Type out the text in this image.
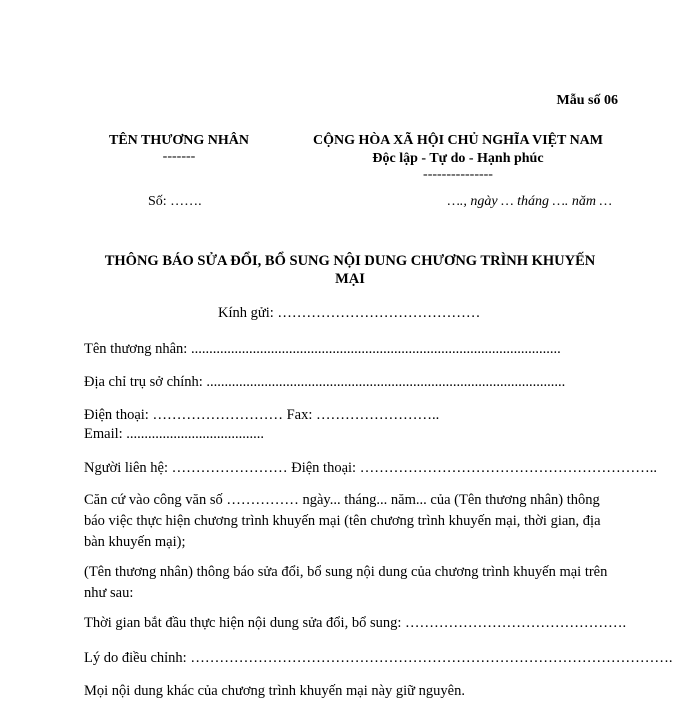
Mẫu số 06
TÊN THƯƠNG NHÂN
-------
CỘNG HÒA XÃ HỘI CHỦ NGHĨA VIỆT NAM
Độc lập - Tự do - Hạnh phúc
---------------
Số: …….	…., ngày … tháng …. năm …
THÔNG BÁO SỬA ĐỔI, BỔ SUNG NỘI DUNG CHƯƠNG TRÌNH KHUYẾN
MẠI
Kính gửi: ……………………………………
Tên thương nhân: ......................................................................................................
Địa chỉ trụ sở chính: ...................................................................................................
Điện thoại: ……………………… Fax: ……………………..
Email: ......................................
Người liên hệ: …………………… Điện thoại: ……………………………………………………..
Căn cứ vào công văn số …………… ngày... tháng... năm... của (Tên thương nhân) thông báo việc thực hiện chương trình khuyến mại (tên chương trình khuyến mại, thời gian, địa bàn khuyến mại);
(Tên thương nhân) thông báo sửa đổi, bổ sung nội dung của chương trình khuyến mại trên như sau:
Thời gian bắt đầu thực hiện nội dung sửa đổi, bổ sung: ……………………………………….
Lý do điều chỉnh: ……………………………………………………………………………………….
Mọi nội dung khác của chương trình khuyến mại này giữ nguyên.
